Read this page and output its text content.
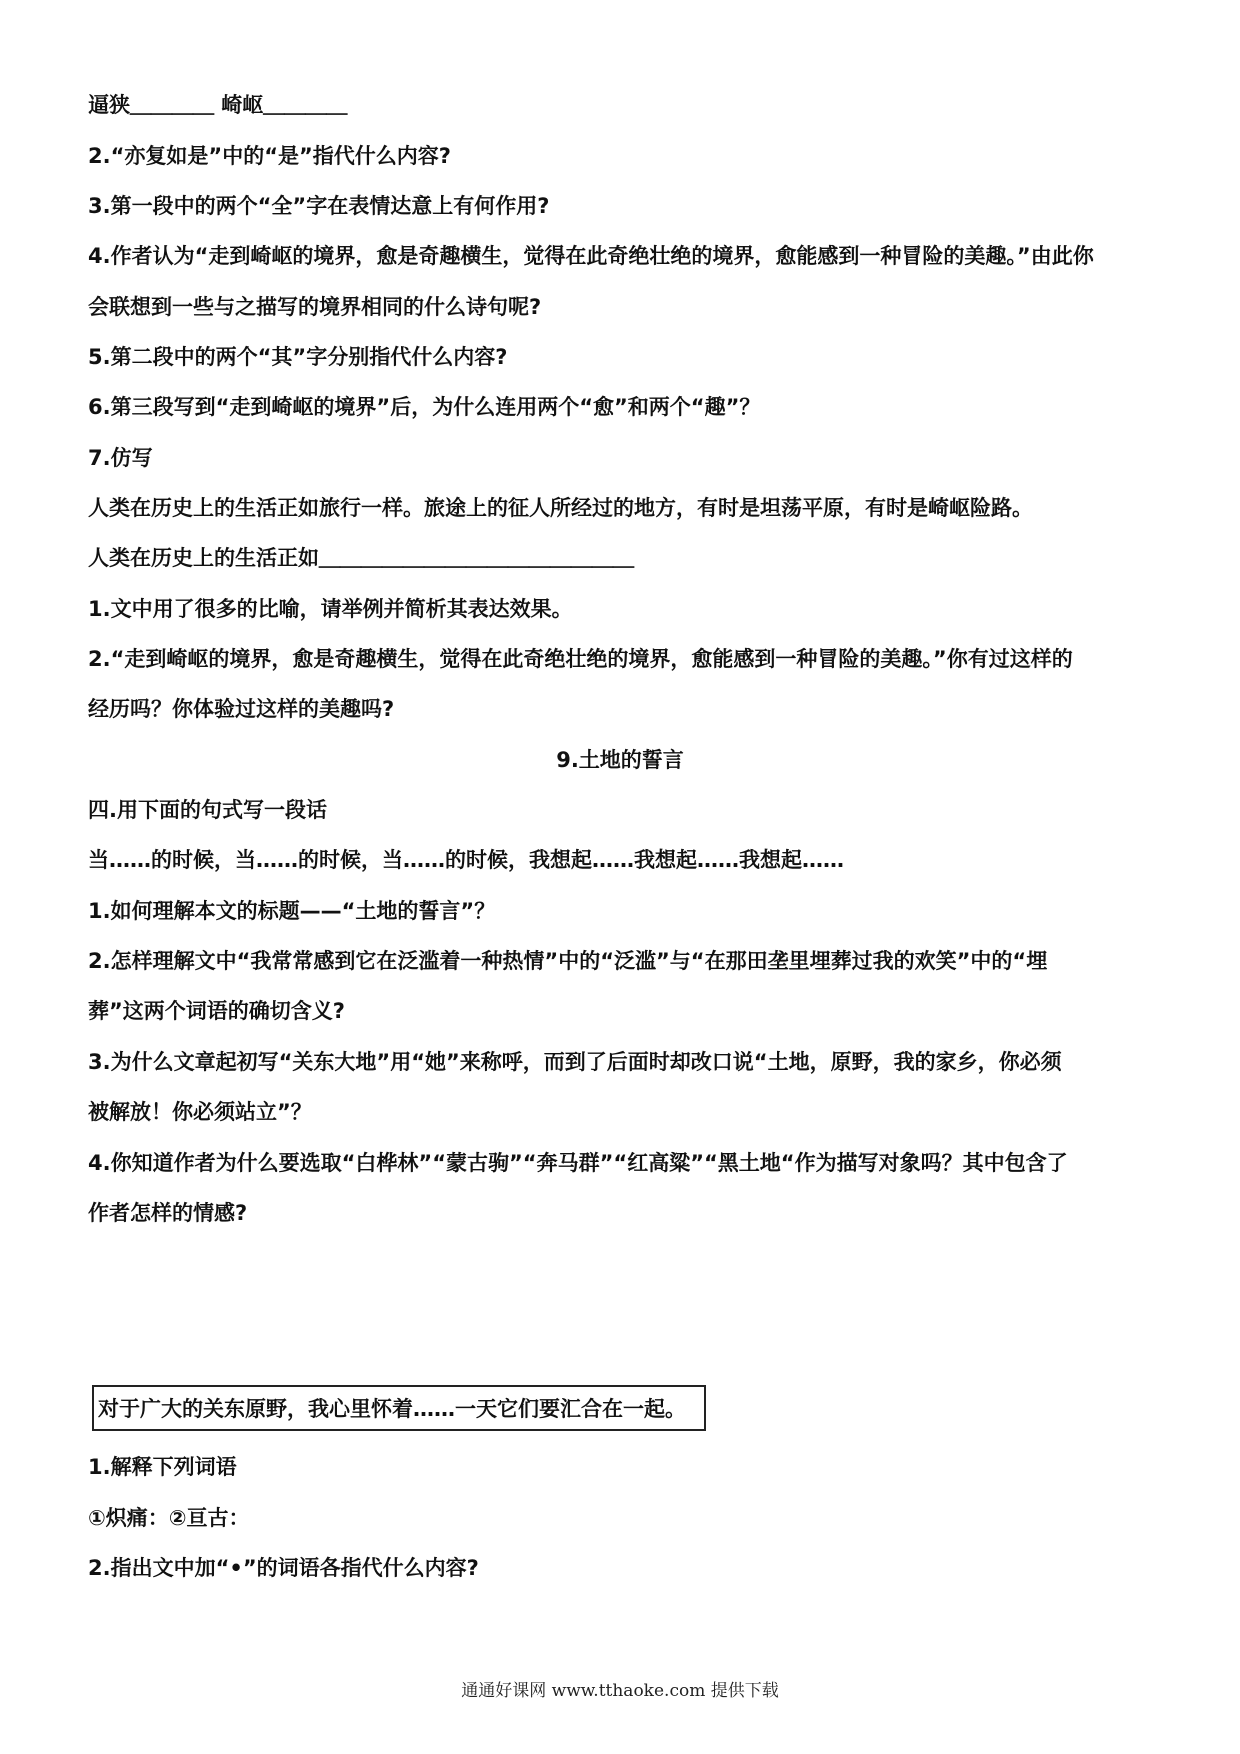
逼狭＿＿＿＿ 崎岖＿＿＿＿
2.“亦复如是”中的“是”指代什么内容?
3.第一段中的两个“全”字在表情达意上有何作用?
4.作者认为“走到崎岖的境界，愈是奇趣横生，觉得在此奇绝壮绝的境界，愈能感到一种冒险的美趣。”由此你
会联想到一些与之描写的境界相同的什么诗句呢?
5.第二段中的两个“其”字分别指代什么内容?
6.第三段写到“走到崎岖的境界”后，为什么连用两个“愈”和两个“趣”？
7.仿写
人类在历史上的生活正如旅行一样。旅途上的征人所经过的地方，有时是坦荡平原，有时是崎岖险路。
人类在历史上的生活正如＿＿＿＿＿＿＿＿＿＿＿＿＿＿＿
1.文中用了很多的比喻，请举例并简析其表达效果。
2.“走到崎岖的境界，愈是奇趣横生，觉得在此奇绝壮绝的境界，愈能感到一种冒险的美趣。”你有过这样的
经历吗？你体验过这样的美趣吗?
9.土地的誓言
四.用下面的句式写一段话
当……的时候，当……的时候，当……的时候，我想起……我想起……我想起……
1.如何理解本文的标题——“土地的誓言”？
2.怎样理解文中“我常常感到它在泛滥着一种热情”中的“泛滥”与“在那田垄里埋葬过我的欢笑”中的“埋
葬”这两个词语的确切含义?
3.为什么文章起初写“关东大地”用“她”来称呼，而到了后面时却改口说“土地，原野，我的家乡，你必须
被解放！你必须站立”？
4.你知道作者为什么要选取“白桦林”“蒙古驹”“奔马群”“红高粱”“黑土地“作为描写对象吗？其中包含了
作者怎样的情感?
对于广大的关东原野，我心里怀着……一天它们要汇合在一起。
1.解释下列词语
①炽痛：②亘古：
2.指出文中加“•”的词语各指代什么内容?
通通好课网 www.tthaoke.com 提供下载
